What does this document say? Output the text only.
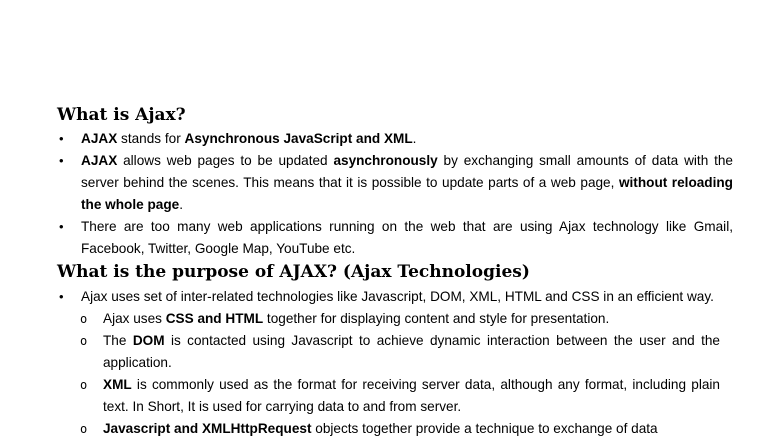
What is Ajax?
• AJAX stands for Asynchronous JavaScript and XML.
• AJAX allows web pages to be updated asynchronously by exchanging small amounts of data with the server behind the scenes. This means that it is possible to update parts of a web page, without reloading the whole page.
• There are too many web applications running on the web that are using Ajax technology like Gmail, Facebook, Twitter, Google Map, YouTube etc.
What is the purpose of AJAX? (Ajax Technologies)
• Ajax uses set of inter-related technologies like Javascript, DOM, XML, HTML and CSS in an efficient way.
o Ajax uses CSS and HTML together for displaying content and style for presentation.
o The DOM is contacted using Javascript to achieve dynamic interaction between the user and the application.
o XML is commonly used as the format for receiving server data, although any format, including plain text. In Short, It is used for carrying data to and from server.
o Javascript and XMLHttpRequest objects together provide a technique to exchange of data
